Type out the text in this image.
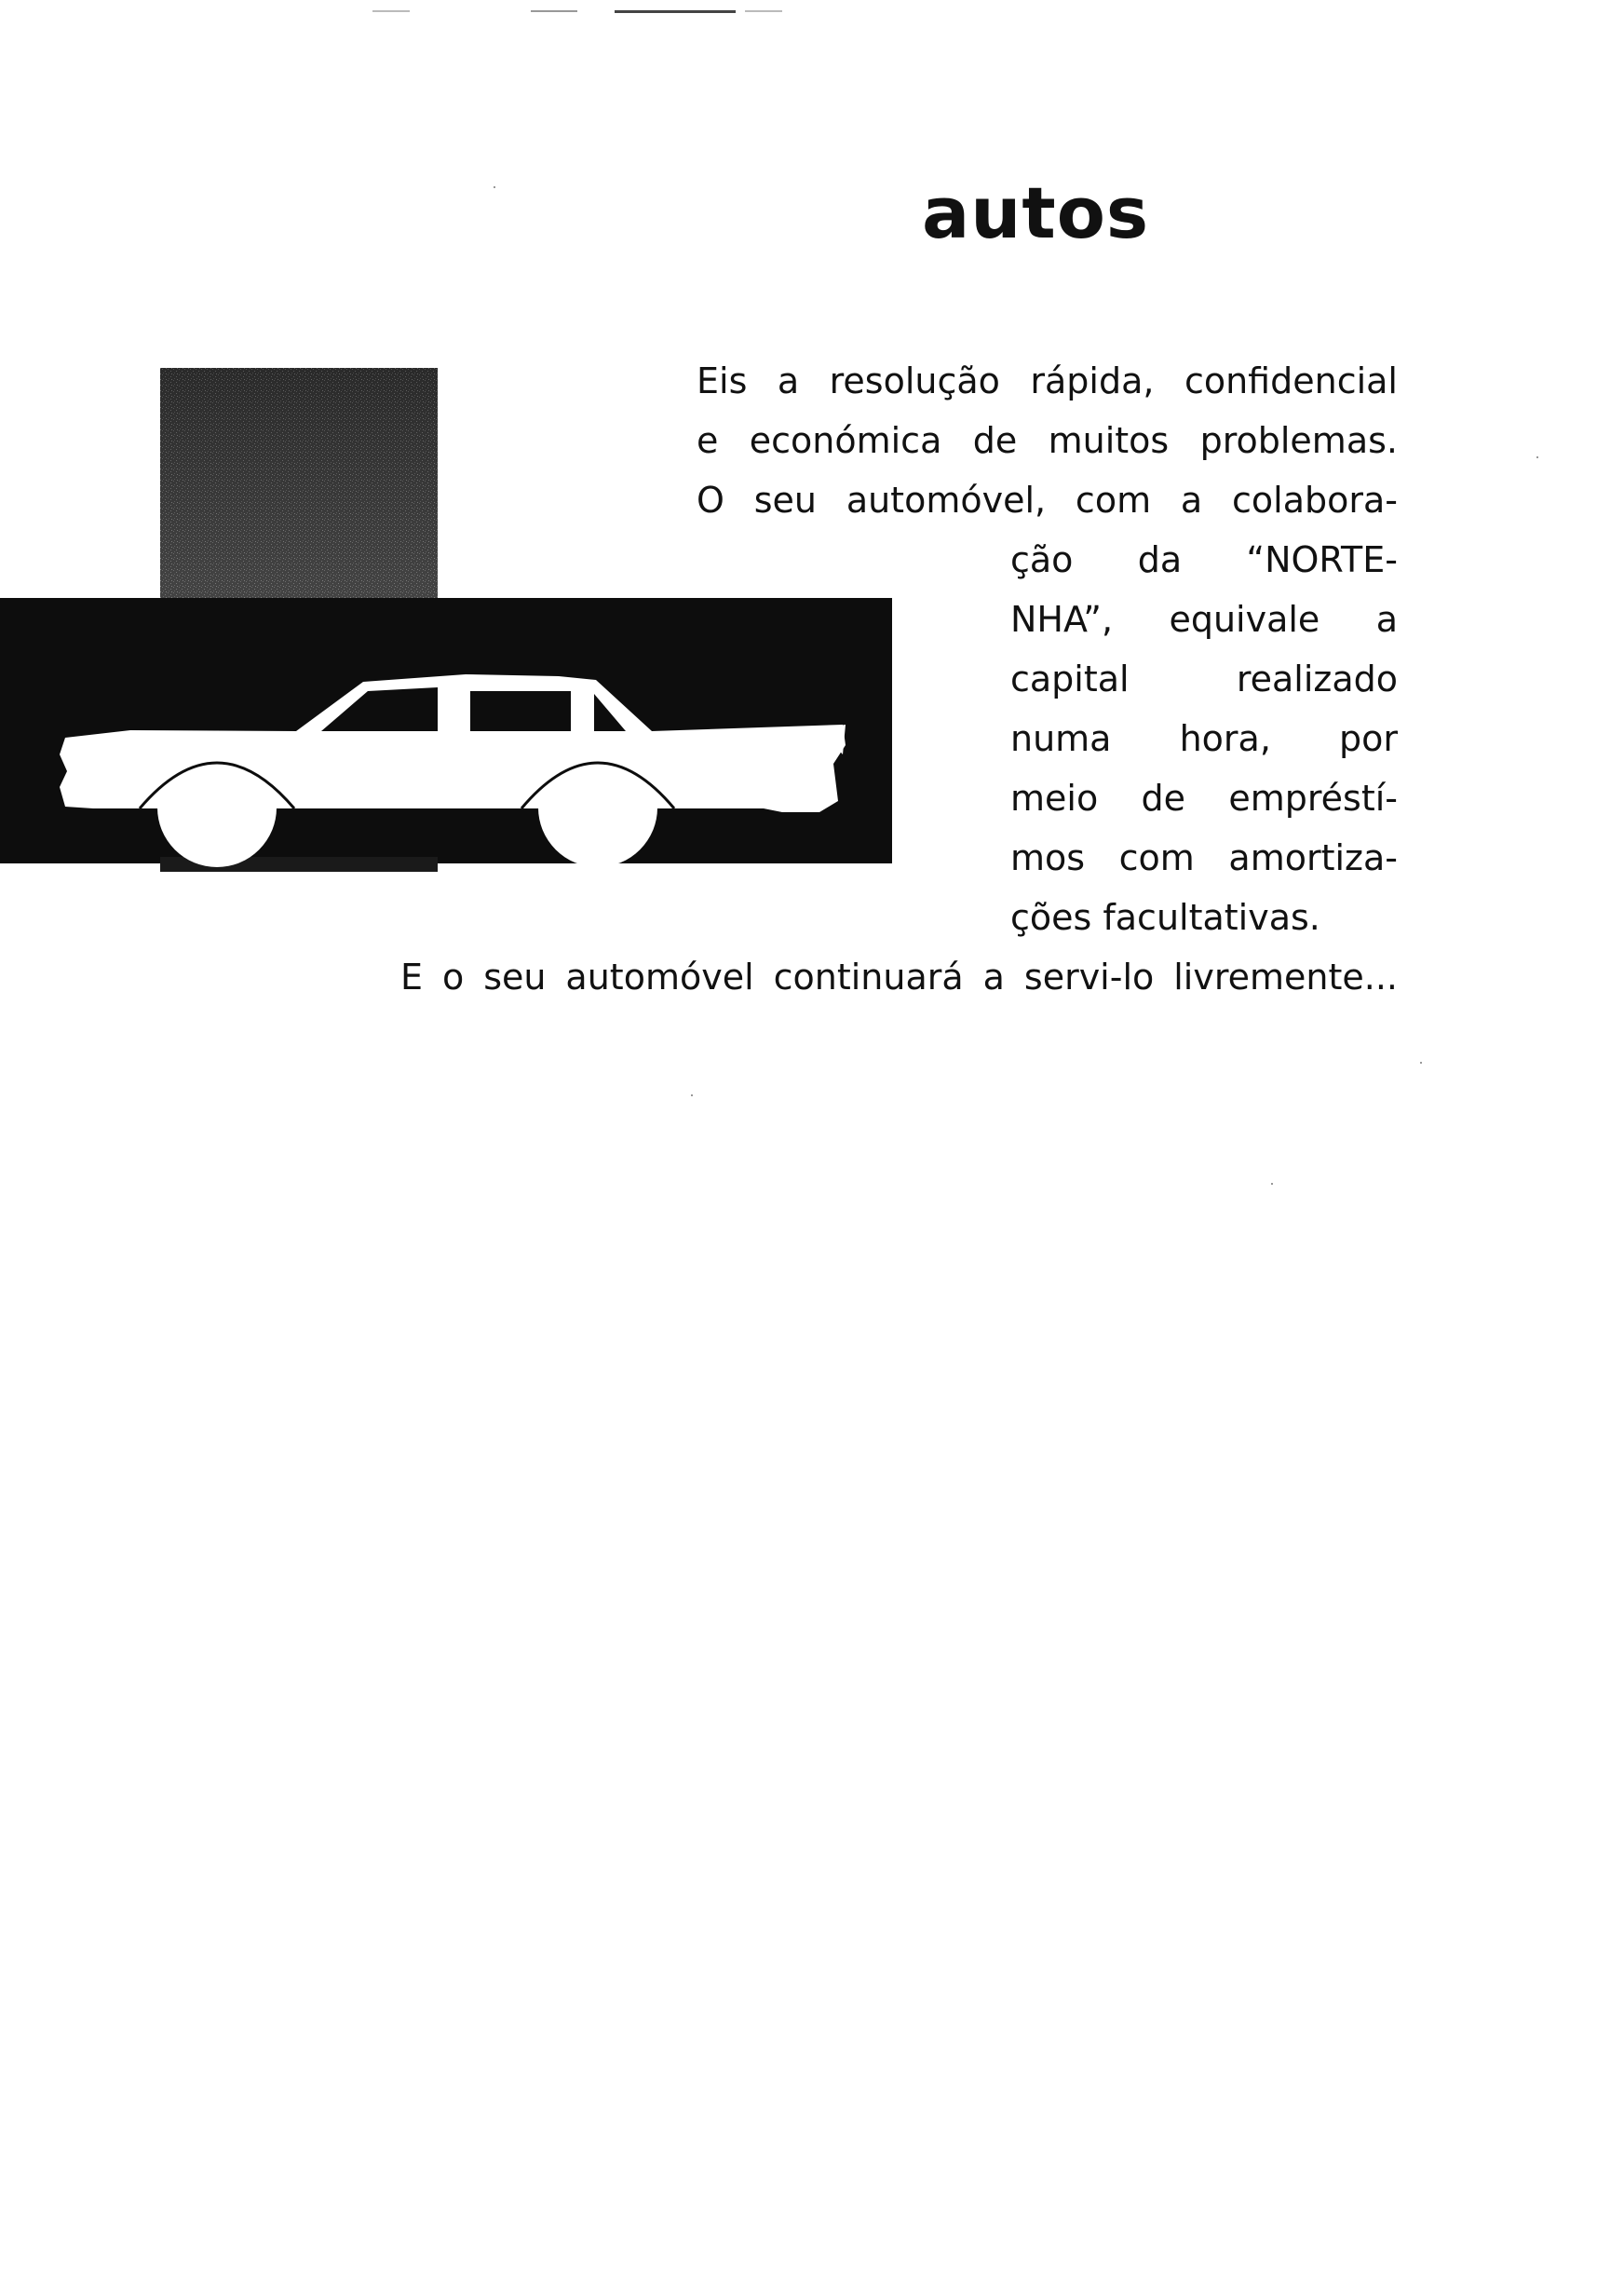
autos
Eis a resolução rápida, confidencial
e económica de muitos problemas.
O seu automóvel, com a colabora-
ção da “NORTE-
NHA”, equivale a
capital realizado
numa hora, por
meio de empréstí-
mos com amortiza-
ções facultativas.
E o seu automóvel continuará a servi-lo livremente...
